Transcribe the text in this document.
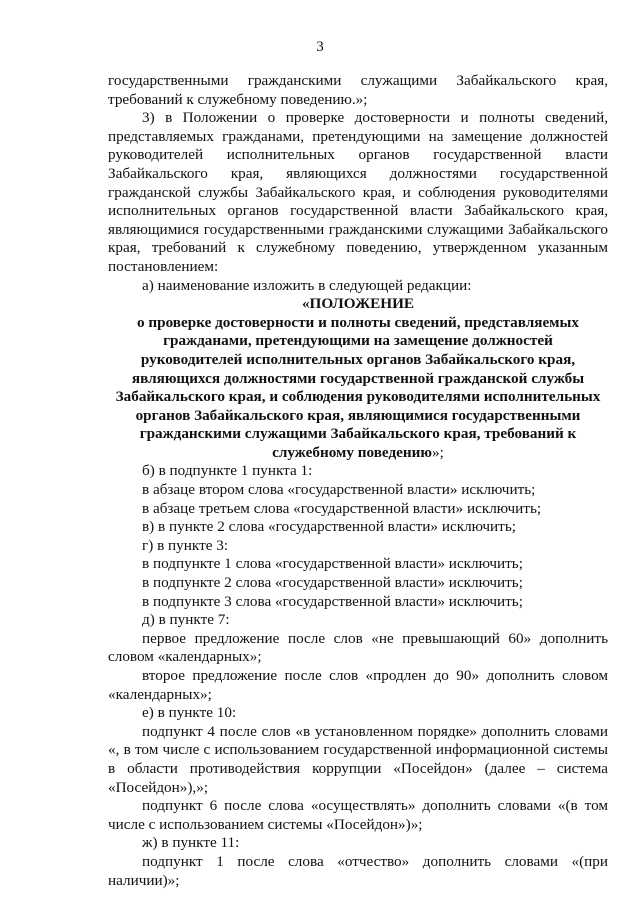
3

государственными гражданскими служащими Забайкальского края, требований к служебному поведению.»;

3) в Положении о проверке достоверности и полноты сведений, представляемых гражданами, претендующими на замещение должностей руководителей исполнительных органов государственной власти Забайкальского края, являющихся должностями государственной гражданской службы Забайкальского края, и соблюдения руководителями исполнительных органов государственной власти Забайкальского края, являющимися государственными гражданскими служащими Забайкальского края, требований к служебному поведению, утвержденном указанным постановлением:

а) наименование изложить в следующей редакции:

«ПОЛОЖЕНИЕ

о проверке достоверности и полноты сведений, представляемых гражданами, претендующими на замещение должностей руководителей исполнительных органов Забайкальского края, являющихся должностями государственной гражданской службы Забайкальского края, и соблюдения руководителями исполнительных органов Забайкальского края, являющимися государственными гражданскими служащими Забайкальского края, требований к служебному поведению»;

б) в подпункте 1 пункта 1:

в абзаце втором слова «государственной власти» исключить;

в абзаце третьем слова «государственной власти» исключить;

в) в пункте 2 слова «государственной власти» исключить;

г) в пункте 3:

в подпункте 1 слова «государственной власти» исключить;

в подпункте 2 слова «государственной власти» исключить;

в подпункте 3 слова «государственной власти» исключить;

д) в пункте 7:

первое предложение после слов «не превышающий 60» дополнить словом «календарных»;

второе предложение после слов «продлен до 90» дополнить словом «календарных»;

е) в пункте 10:

подпункт 4 после слов «в установленном порядке» дополнить словами «, в том числе с использованием государственной информационной системы в области противодействия коррупции «Посейдон» (далее – система «Посейдон»),»;

подпункт 6 после слова «осуществлять» дополнить словами «(в том числе с использованием системы «Посейдон»)»;

ж) в пункте 11:

подпункт 1 после слова «отчество» дополнить словами «(при наличии)»;
